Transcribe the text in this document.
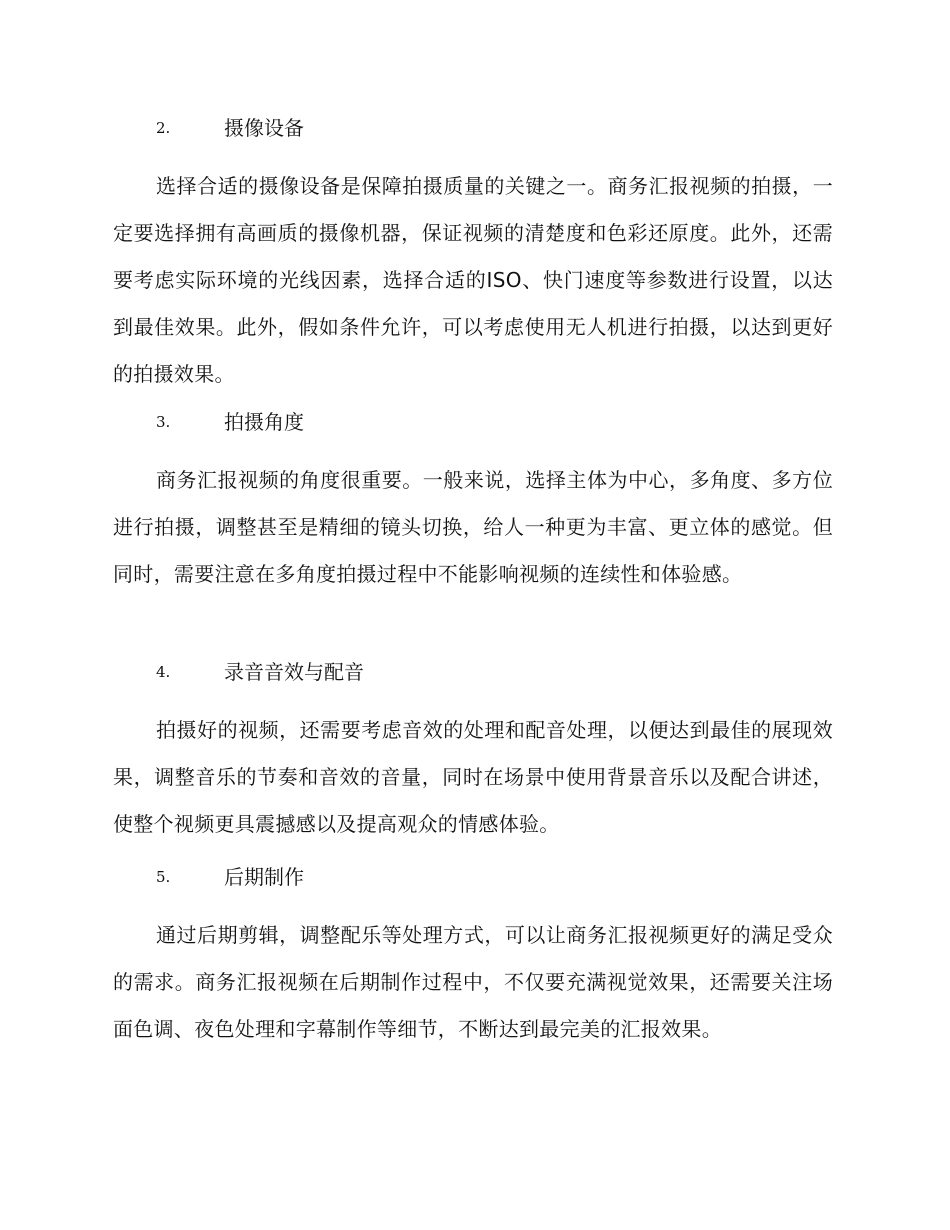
2.	摄像设备

选择合适的摄像设备是保障拍摄质量的关键之一。商务汇报视频的拍摄，一定要选择拥有高画质的摄像机器，保证视频的清楚度和色彩还原度。此外，还需要考虑实际环境的光线因素，选择合适的ISO、快门速度等参数进行设置，以达到最佳效果。此外，假如条件允许，可以考虑使用无人机进行拍摄，以达到更好的拍摄效果。

3.	拍摄角度

商务汇报视频的角度很重要。一般来说，选择主体为中心，多角度、多方位进行拍摄，调整甚至是精细的镜头切换，给人一种更为丰富、更立体的感觉。但同时，需要注意在多角度拍摄过程中不能影响视频的连续性和体验感。

4.	录音音效与配音

拍摄好的视频，还需要考虑音效的处理和配音处理，以便达到最佳的展现效果，调整音乐的节奏和音效的音量，同时在场景中使用背景音乐以及配合讲述，使整个视频更具震撼感以及提高观众的情感体验。

5.	后期制作

通过后期剪辑，调整配乐等处理方式，可以让商务汇报视频更好的满足受众的需求。商务汇报视频在后期制作过程中，不仅要充满视觉效果，还需要关注场面色调、夜色处理和字幕制作等细节，不断达到最完美的汇报效果。
